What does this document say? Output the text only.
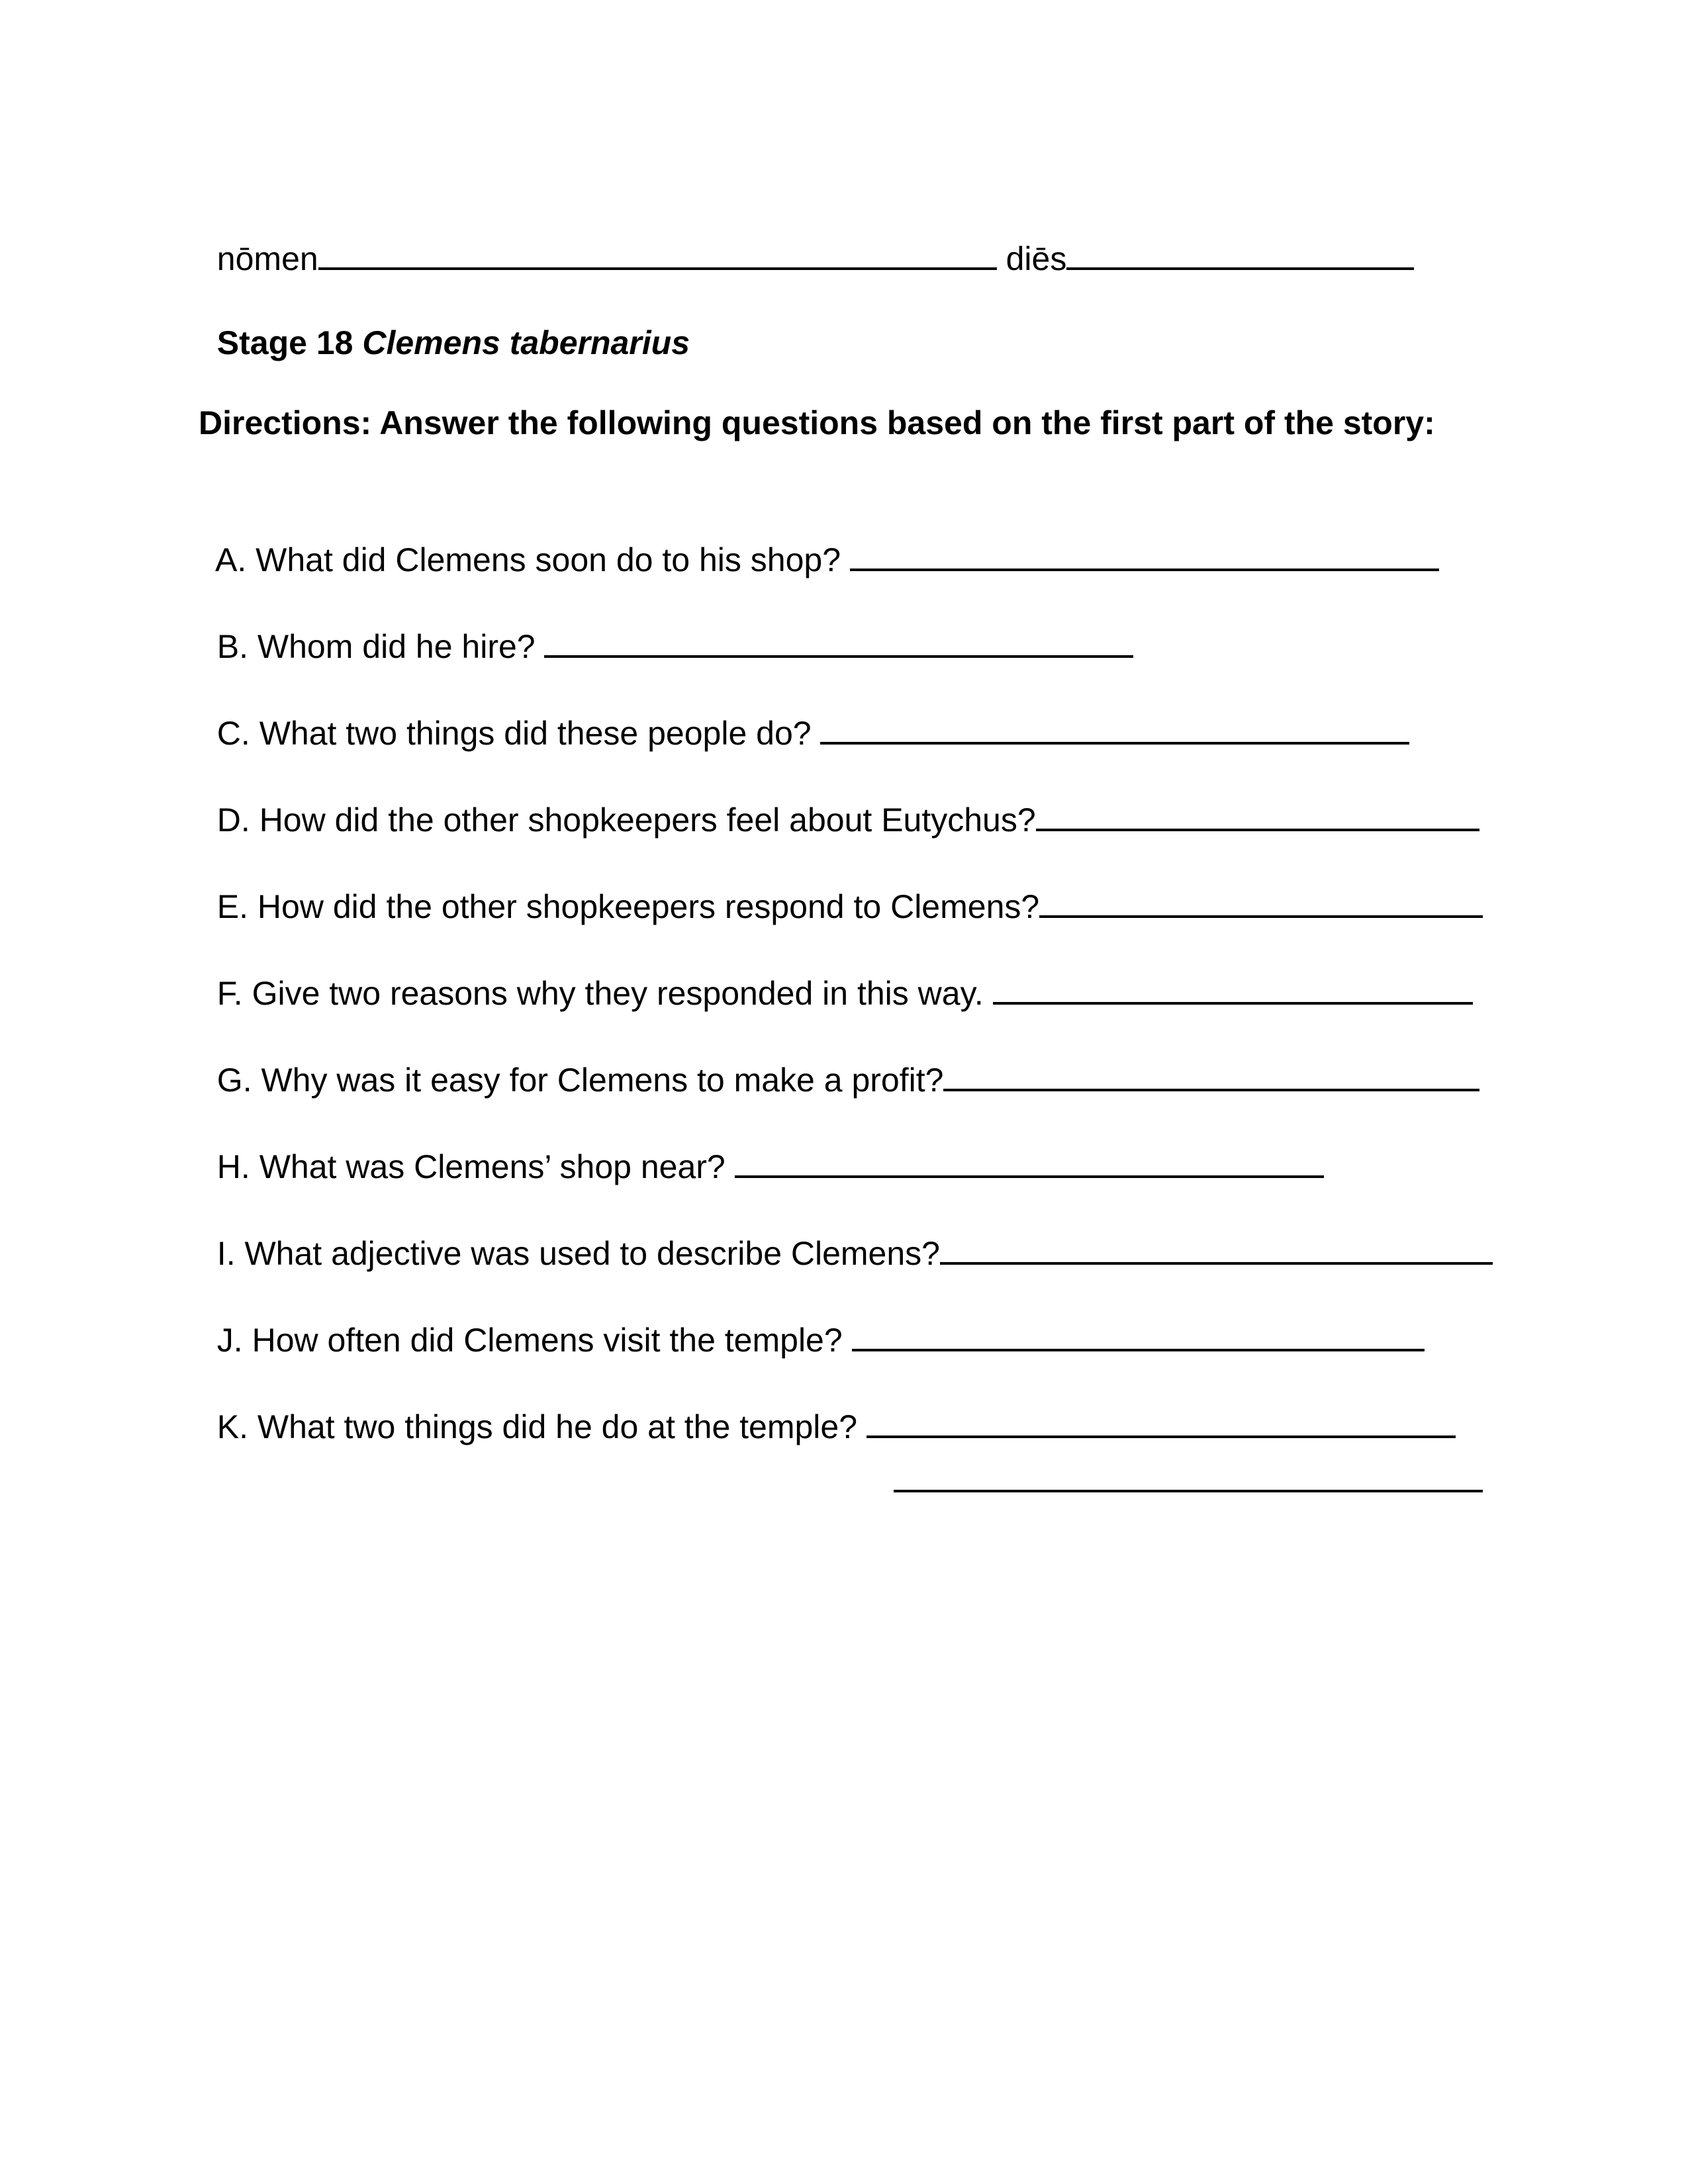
nōmen	diēs

Stage 18 Clemens tabernarius

Directions: Answer the following questions based on the first part of the story:

A. What did Clemens soon do to his shop?

B. Whom did he hire?

C. What two things did these people do?

D. How did the other shopkeepers feel about Eutychus?

E. How did the other shopkeepers respond to Clemens?

F. Give two reasons why they responded in this way.

G. Why was it easy for Clemens to make a profit?

H. What was Clemens’ shop near?

I. What adjective was used to describe Clemens?

J. How often did Clemens visit the temple?

K. What two things did he do at the temple?
